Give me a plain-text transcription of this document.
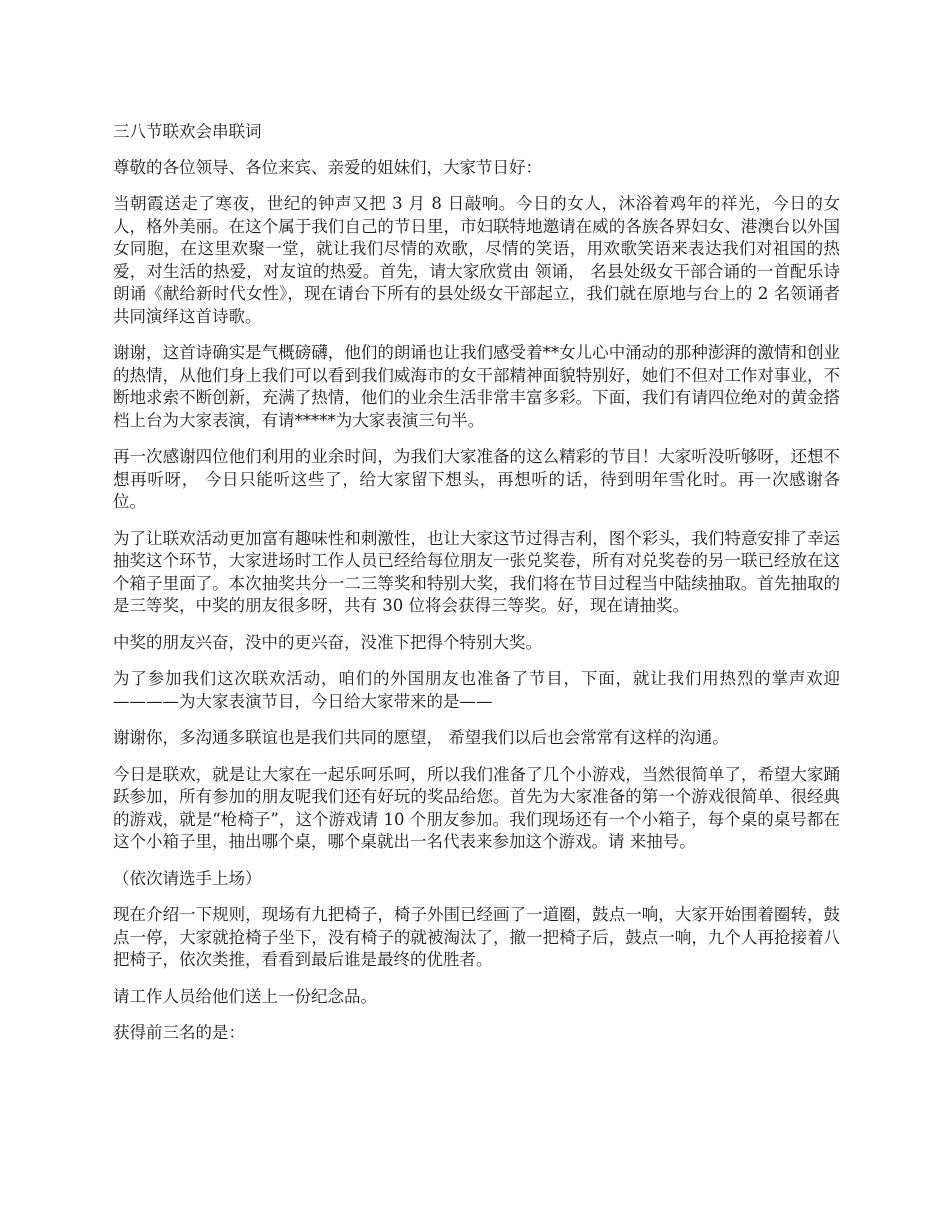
三八节联欢会串联词

尊敬的各位领导、各位来宾、亲爱的姐妹们，大家节日好：

当朝霞送走了寒夜，世纪的钟声又把 3 月 8 日敲响。今日的女人，沐浴着鸡年的祥光，今日的女人，格外美丽。在这个属于我们自己的节日里，市妇联特地邀请在威的各族各界妇女、港澳台以外国女同胞，在这里欢聚一堂，就让我们尽情的欢歌，尽情的笑语，用欢歌笑语来表达我们对祖国的热爱，对生活的热爱，对友谊的热爱。首先，请大家欣赏由 领诵， 名县处级女干部合诵的一首配乐诗朗诵《献给新时代女性》，现在请台下所有的县处级女干部起立，我们就在原地与台上的 2 名领诵者共同演绎这首诗歌。

谢谢，这首诗确实是气概磅礴，他们的朗诵也让我们感受着**女儿心中涌动的那种澎湃的激情和创业的热情，从他们身上我们可以看到我们威海市的女干部精神面貌特别好，她们不但对工作对事业，不断地求索不断创新，充满了热情，他们的业余生活非常丰富多彩。下面，我们有请四位绝对的黄金搭档上台为大家表演，有请*****为大家表演三句半。

再一次感谢四位他们利用的业余时间，为我们大家准备的这么精彩的节目！大家听没听够呀，还想不想再听呀， 今日只能听这些了，给大家留下想头，再想听的话，待到明年雪化时。再一次感谢各位。

为了让联欢活动更加富有趣味性和刺激性，也让大家这节过得吉利，图个彩头，我们特意安排了幸运抽奖这个环节，大家进场时工作人员已经给每位朋友一张兑奖卷，所有对兑奖卷的另一联已经放在这个箱子里面了。本次抽奖共分一二三等奖和特别大奖，我们将在节目过程当中陆续抽取。首先抽取的是三等奖，中奖的朋友很多呀，共有 30 位将会获得三等奖。好，现在请抽奖。

中奖的朋友兴奋，没中的更兴奋，没准下把得个特别大奖。

为了参加我们这次联欢活动，咱们的外国朋友也准备了节目，下面，就让我们用热烈的掌声欢迎————为大家表演节目，今日给大家带来的是——

谢谢你，多沟通多联谊也是我们共同的愿望， 希望我们以后也会常常有这样的沟通。

今日是联欢，就是让大家在一起乐呵乐呵，所以我们准备了几个小游戏，当然很简单了，希望大家踊跃参加，所有参加的朋友呢我们还有好玩的奖品给您。首先为大家准备的第一个游戏很简单、很经典的游戏，就是“枪椅子”，这个游戏请 10 个朋友参加。我们现场还有一个小箱子，每个桌的桌号都在这个小箱子里，抽出哪个桌，哪个桌就出一名代表来参加这个游戏。请 来抽号。

（依次请选手上场）

现在介绍一下规则，现场有九把椅子，椅子外围已经画了一道圈，鼓点一响，大家开始围着圈转，鼓点一停，大家就抢椅子坐下，没有椅子的就被淘汰了，撤一把椅子后，鼓点一响，九个人再抢接着八把椅子，依次类推，看看到最后谁是最终的优胜者。

请工作人员给他们送上一份纪念品。

获得前三名的是：
